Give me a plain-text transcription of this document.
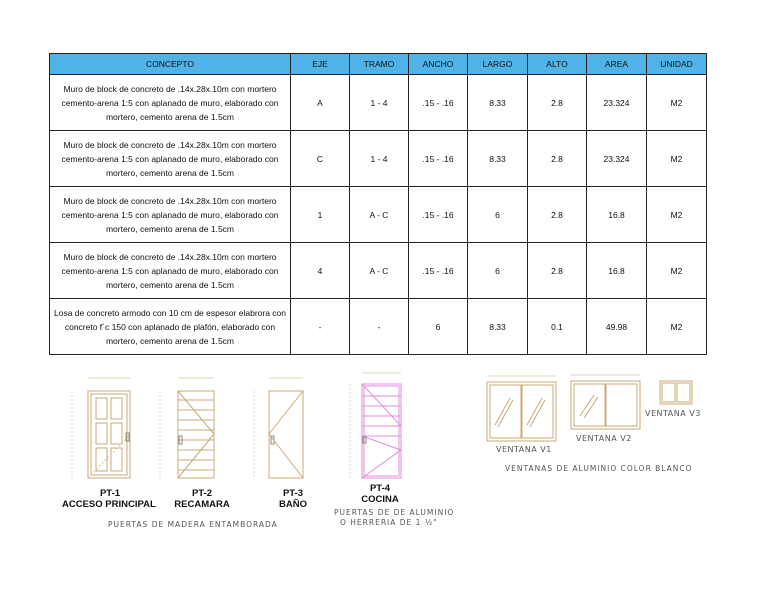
CONCEPTO	EJE	TRAMO	ANCHO	LARGO	ALTO	AREA	UNIDAD
Muro de block de concreto de .14x.28x.10m con mortero cemento-arena 1:5 con aplanado de muro, elaborado con mortero, cemento arena de 1.5cm	A	1 - 4	.15 - .16	8.33	2.8	23.324	M2
Muro de block de concreto de .14x.28x.10m con mortero cemento-arena 1:5 con aplanado de muro, elaborado con mortero, cemento arena de 1.5cm	C	1 - 4	.15 - .16	8.33	2.8	23.324	M2
Muro de block de concreto de .14x.28x.10m con mortero cemento-arena 1:5 con aplanado de muro, elaborado con mortero, cemento arena de 1.5cm	1	A - C	.15 - .16	6	2.8	16.8	M2
Muro de block de concreto de .14x.28x.10m con mortero cemento-arena 1:5 con aplanado de muro, elaborado con mortero, cemento arena de 1.5cm	4	A - C	.15 - .16	6	2.8	16.8	M2
Losa de concreto armodo con 10 cm de espesor elabrora con concreto f´c 150 con aplanado de plafón, elaborado con mortero, cemento arena de 1.5cm	-	-	6	8.33	0.1	49.98	M2
PT-1
ACCESO PRINCIPAL
PT-2
RECAMARA
PT-3
BAÑO
PT-4
COCINA
PUERTAS DE MADERA ENTAMBORADA
PUERTAS DE DE ALUMINIO
O HERRERIA DE 1 ½"
VENTANA V1
VENTANA V2
VENTANA V3
VENTANAS DE ALUMINIO COLOR BLANCO
